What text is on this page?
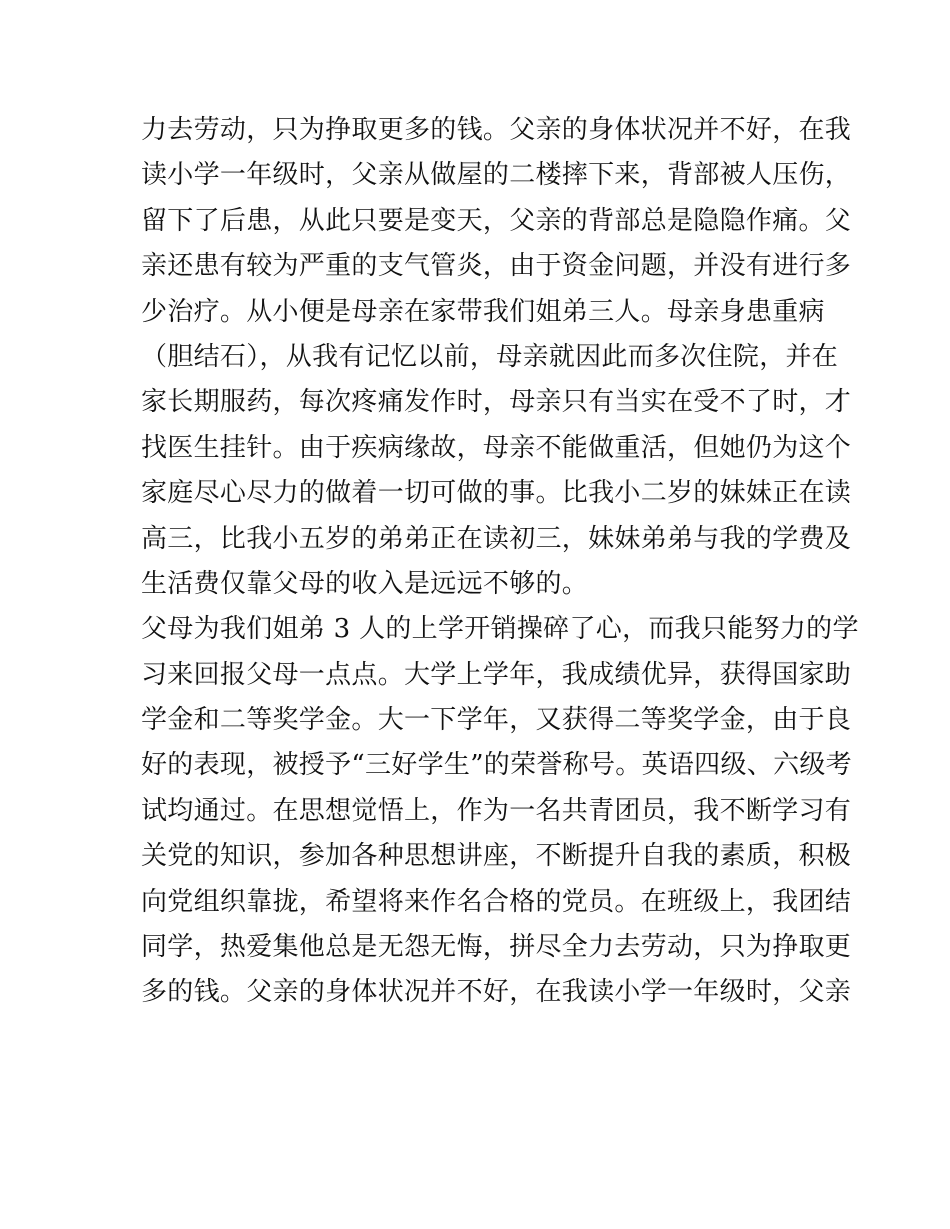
力去劳动，只为挣取更多的钱。父亲的身体状况并不好，在我
读小学一年级时，父亲从做屋的二楼摔下来，背部被人压伤，
留下了后患，从此只要是变天，父亲的背部总是隐隐作痛。父
亲还患有较为严重的支气管炎，由于资金问题，并没有进行多
少治疗。从小便是母亲在家带我们姐弟三人。母亲身患重病
（胆结石），从我有记忆以前，母亲就因此而多次住院，并在
家长期服药，每次疼痛发作时，母亲只有当实在受不了时，才
找医生挂针。由于疾病缘故，母亲不能做重活，但她仍为这个
家庭尽心尽力的做着一切可做的事。比我小二岁的妹妹正在读
高三，比我小五岁的弟弟正在读初三，妹妹弟弟与我的学费及
生活费仅靠父母的收入是远远不够的。
父母为我们姐弟 3 人的上学开销操碎了心，而我只能努力的学
习来回报父母一点点。大学上学年，我成绩优异，获得国家助
学金和二等奖学金。大一下学年，又获得二等奖学金，由于良
好的表现，被授予“三好学生”的荣誉称号。英语四级、六级考
试均通过。在思想觉悟上，作为一名共青团员，我不断学习有
关党的知识，参加各种思想讲座，不断提升自我的素质，积极
向党组织靠拢，希望将来作名合格的党员。在班级上，我团结
同学，热爱集他总是无怨无悔，拼尽全力去劳动，只为挣取更
多的钱。父亲的身体状况并不好，在我读小学一年级时，父亲
